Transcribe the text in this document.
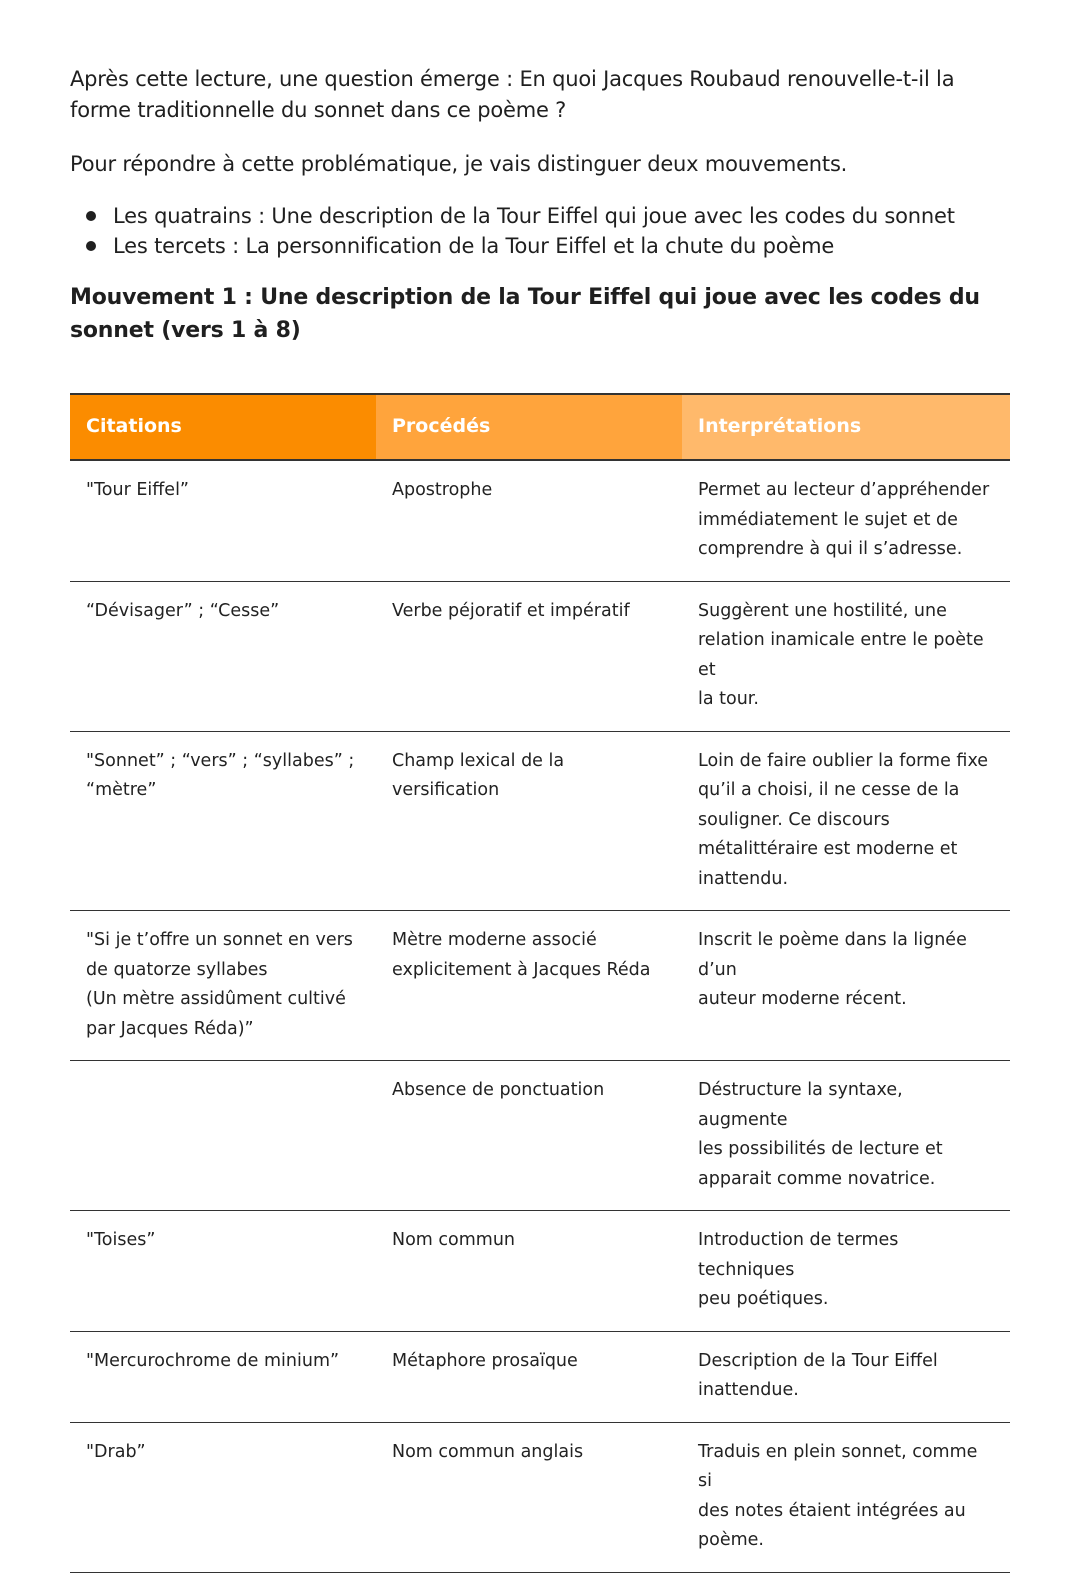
Après cette lecture, une question émerge : En quoi Jacques Roubaud renouvelle-t-il la forme traditionnelle du sonnet dans ce poème ?

Pour répondre à cette problématique, je vais distinguer deux mouvements.

Les quatrains : Une description de la Tour Eiffel qui joue avec les codes du sonnet
Les tercets : La personnification de la Tour Eiffel et la chute du poème
Mouvement 1 : Une description de la Tour Eiffel qui joue avec les codes du sonnet (vers 1 à 8)
Citations	Procédés	Interprétations

"Tour Eiffel”	Apostrophe	Permet au lecteur d’appréhender
immédiatement le sujet et de
comprendre à qui il s’adresse.

“Dévisager” ; “Cesse”	Verbe péjoratif et impératif	Suggèrent une hostilité, une
relation inamicale entre le poète et
la tour.

"Sonnet” ; “vers” ; “syllabes” ;
“mètre”	Champ lexical de la versification	Loin de faire oublier la forme fixe
qu’il a choisi, il ne cesse de la
souligner. Ce discours
métalittéraire est moderne et
inattendu.

"Si je t’offre un sonnet en vers
de quatorze syllabes
(Un mètre assidûment cultivé
par Jacques Réda)”	Mètre moderne associé
explicitement à Jacques Réda	Inscrit le poème dans la lignée d’un
auteur moderne récent.

	Absence de ponctuation	Déstructure la syntaxe, augmente
les possibilités de lecture et
apparait comme novatrice.

"Toises”	Nom commun	Introduction de termes techniques
peu poétiques.

"Mercurochrome de minium”	Métaphore prosaïque	Description de la Tour Eiffel
inattendue.

"Drab”	Nom commun anglais	Traduis en plein sonnet, comme si
des notes étaient intégrées au
poème.
